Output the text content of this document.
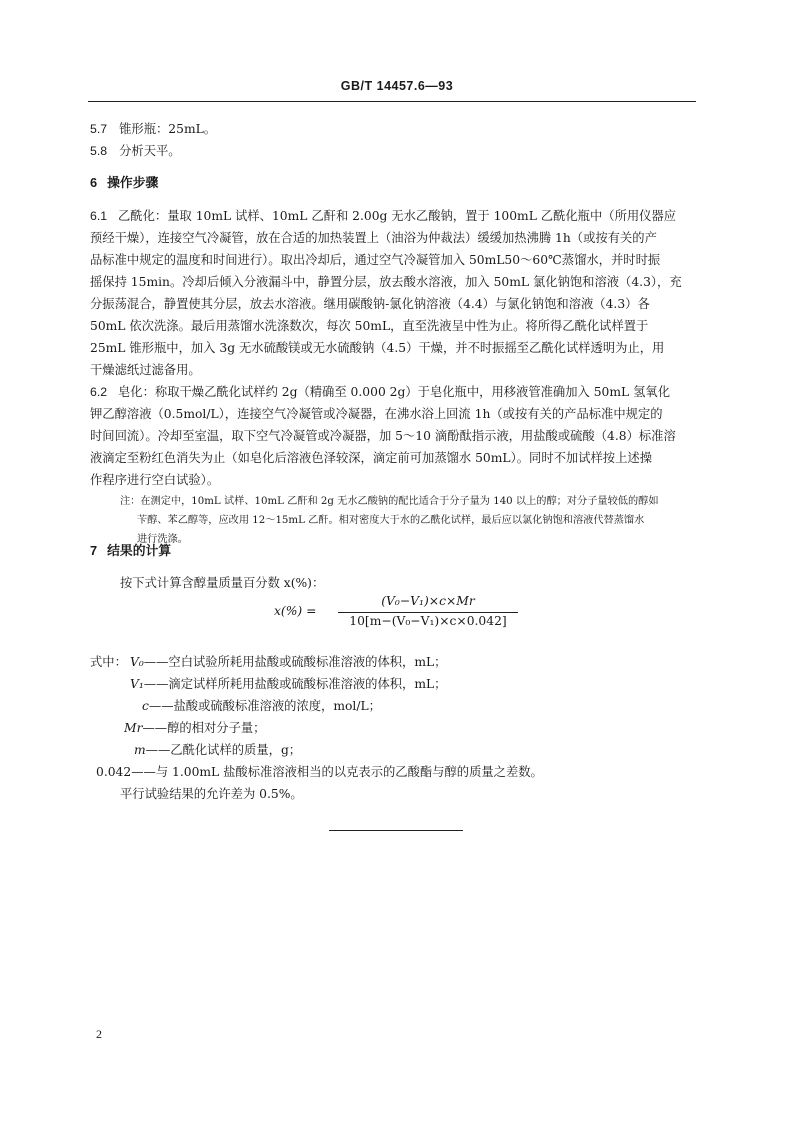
GB/T 14457.6—93
5.7 锥形瓶：25mL。
5.8 分析天平。
6 操作步骤
6.1 乙酰化：量取 10mL 试样、10mL 乙酐和 2.00g 无水乙酸钠，置于 100mL 乙酰化瓶中（所用仪器应
预经干燥），连接空气冷凝管，放在合适的加热装置上（油浴为仲裁法）缓缓加热沸腾 1h（或按有关的产
品标准中规定的温度和时间进行）。取出冷却后，通过空气冷凝管加入 50mL50～60℃蒸馏水，并时时振
摇保持 15min。冷却后倾入分液漏斗中，静置分层，放去酸水溶液，加入 50mL 氯化钠饱和溶液（4.3），充
分振荡混合，静置使其分层，放去水溶液。继用碳酸钠-氯化钠溶液（4.4）与氯化钠饱和溶液（4.3）各
50mL 依次洗涤。最后用蒸馏水洗涤数次，每次 50mL，直至洗液呈中性为止。将所得乙酰化试样置于
25mL 锥形瓶中，加入 3g 无水硫酸镁或无水硫酸钠（4.5）干燥，并不时振摇至乙酰化试样透明为止，用
干燥滤纸过滤备用。
6.2 皂化：称取干燥乙酰化试样约 2g（精确至 0.000 2g）于皂化瓶中，用移液管准确加入 50mL 氢氧化
钾乙醇溶液（0.5mol/L），连接空气冷凝管或冷凝器，在沸水浴上回流 1h（或按有关的产品标准中规定的
时间回流）。冷却至室温，取下空气冷凝管或冷凝器，加 5～10 滴酚酞指示液，用盐酸或硫酸（4.8）标准溶
液滴定至粉红色消失为止（如皂化后溶液色泽较深，滴定前可加蒸馏水 50mL）。同时不加试样按上述操
作程序进行空白试验）。
注：在测定中，10mL 试样、10mL 乙酐和 2g 无水乙酸钠的配比适合于分子量为 140 以上的醇；对分子量较低的醇如
苄醇、苯乙醇等，应改用 12～15mL 乙酐。相对密度大于水的乙酰化试样，最后应以氯化钠饱和溶液代替蒸馏水
进行洗涤。
7 结果的计算
按下式计算含醇量质量百分数 x(%)：
x(%) =
(V₀−V₁)×c×Mr
10[m−(V₀−V₁)×c×0.042]
式中： V₀——空白试验所耗用盐酸或硫酸标准溶液的体积，mL；
V₁——滴定试样所耗用盐酸或硫酸标准溶液的体积，mL；
c——盐酸或硫酸标准溶液的浓度，mol/L；
Mr——醇的相对分子量；
m——乙酰化试样的质量，g；
0.042——与 1.00mL 盐酸标准溶液相当的以克表示的乙酸酯与醇的质量之差数。
平行试验结果的允许差为 0.5%。
2
